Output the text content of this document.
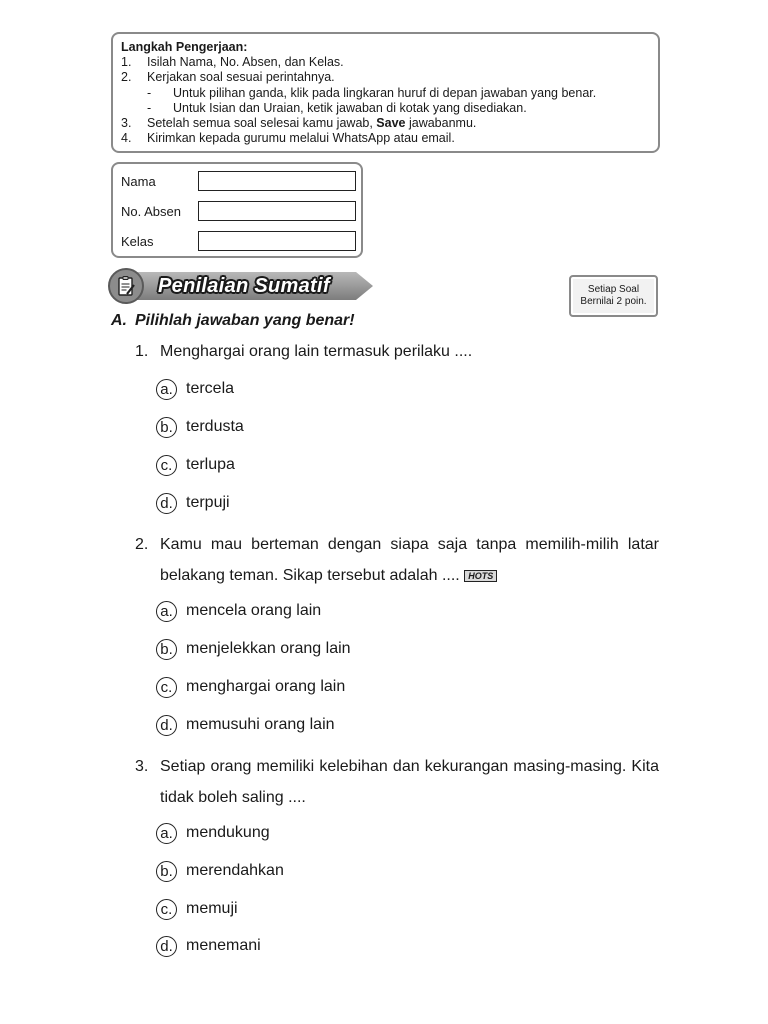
Langkah Pengerjaan:
1.	Isilah Nama, No. Absen, dan Kelas.
2.	Kerjakan soal sesuai perintahnya.
-	Untuk pilihan ganda, klik pada lingkaran huruf di depan jawaban yang benar.
-	Untuk Isian dan Uraian, ketik jawaban di kotak yang disediakan.
3.	Setelah semua soal selesai kamu jawab, Save jawabanmu.
4.	Kirimkan kepada gurumu melalui WhatsApp atau email.
Nama
No. Absen
Kelas
Penilaian Sumatif	Setiap Soal
Bernilai 2 poin.
A. Pilihlah jawaban yang benar!
1. Menghargai orang lain termasuk perilaku ....
a. tercela
b. terdusta
c. terlupa
d. terpuji
2. Kamu mau berteman dengan siapa saja tanpa memilih-milih latar belakang teman. Sikap tersebut adalah .... HOTS
a. mencela orang lain
b. menjelekkan orang lain
c. menghargai orang lain
d. memusuhi orang lain
3. Setiap orang memiliki kelebihan dan kekurangan masing-masing. Kita tidak boleh saling ....
a. mendukung
b. merendahkan
c. memuji
d. menemani
